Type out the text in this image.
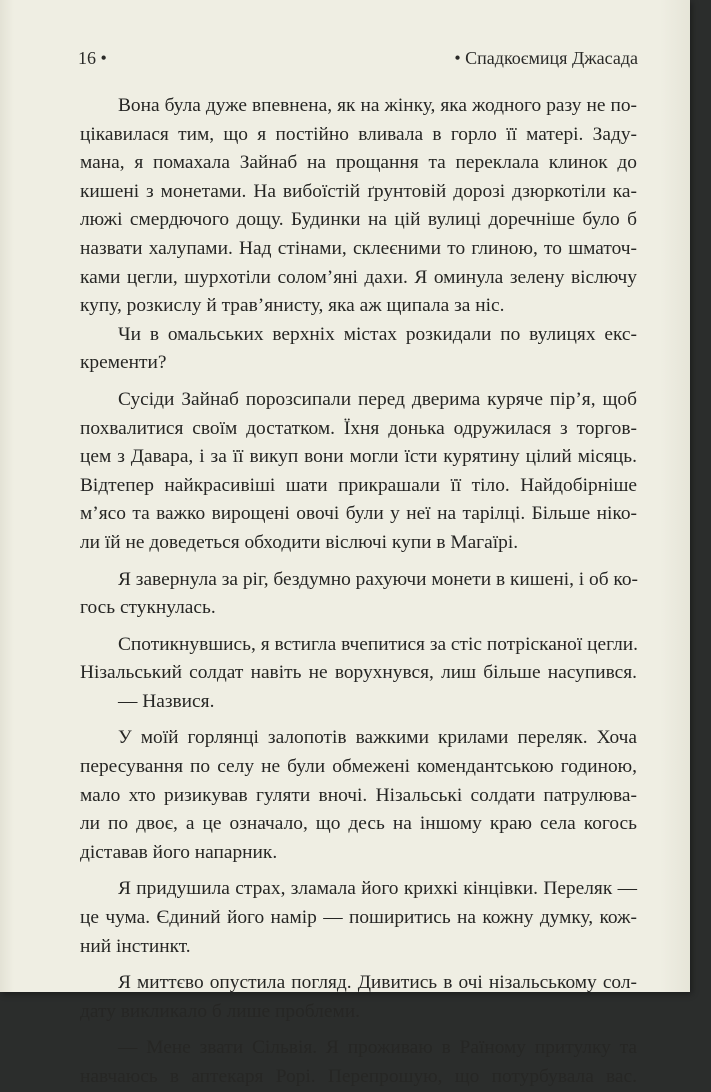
16 •	• Спадкоємиця Джасада
Вона була дуже впевнена, як на жінку, яка жодного разу не по-
цікавилася тим, що я постійно вливала в горло її матері. Заду-
мана, я помахала Зайнаб на прощання та переклала клинок до
кишені з монетами. На вибоїстій ґрунтовій дорозі дзюркотіли ка-
люжі смердючого дощу. Будинки на цій вулиці доречніше було б
назвати халупами. Над стінами, склеєними то глиною, то шматоч-
ками цегли, шурхотіли солом’яні дахи. Я оминула зелену віслючу
купу, розкислу й трав’янисту, яка аж щипала за ніс.
Чи в омальських верхніх містах розкидали по вулицях екс-
кременти?
Сусіди Зайнаб порозсипали перед дверима куряче пір’я, щоб
похвалитися своїм достатком. Їхня донька одружилася з торгов-
цем з Давара, і за її викуп вони могли їсти курятину цілий місяць.
Відтепер найкрасивіші шати прикрашали її тіло. Найдобірніше
м’ясо та важко вирощені овочі були у неї на тарілці. Більше ніко-
ли їй не доведеться обходити віслючі купи в Магаїрі.
Я завернула за ріг, бездумно рахуючи монети в кишені, і об ко-
гось стукнулась.
Спотикнувшись, я встигла вчепитися за стіс потрісканої цегли.
Нізальський солдат навіть не ворухнувся, лиш більше насупився.
— Назвися.
У моїй горлянці залопотів важкими крилами переляк. Хоча
пересування по селу не були обмежені комендантською годиною,
мало хто ризикував гуляти вночі. Нізальські солдати патрулюва-
ли по двоє, а це означало, що десь на іншому краю села когось
діставав його напарник.
Я придушила страх, зламала його крихкі кінцівки. Переляк —
це чума. Єдиний його намір — поширитись на кожну думку, кож-
ний інстинкт.
Я миттєво опустила погляд. Дивитись в очі нізальському сол-
дату викликало б лише проблеми.
— Мене звати Сільвія. Я проживаю в Раїному притулку та
навчаюсь в аптекаря Рорі. Перепрошую, що потурбувала вас.
